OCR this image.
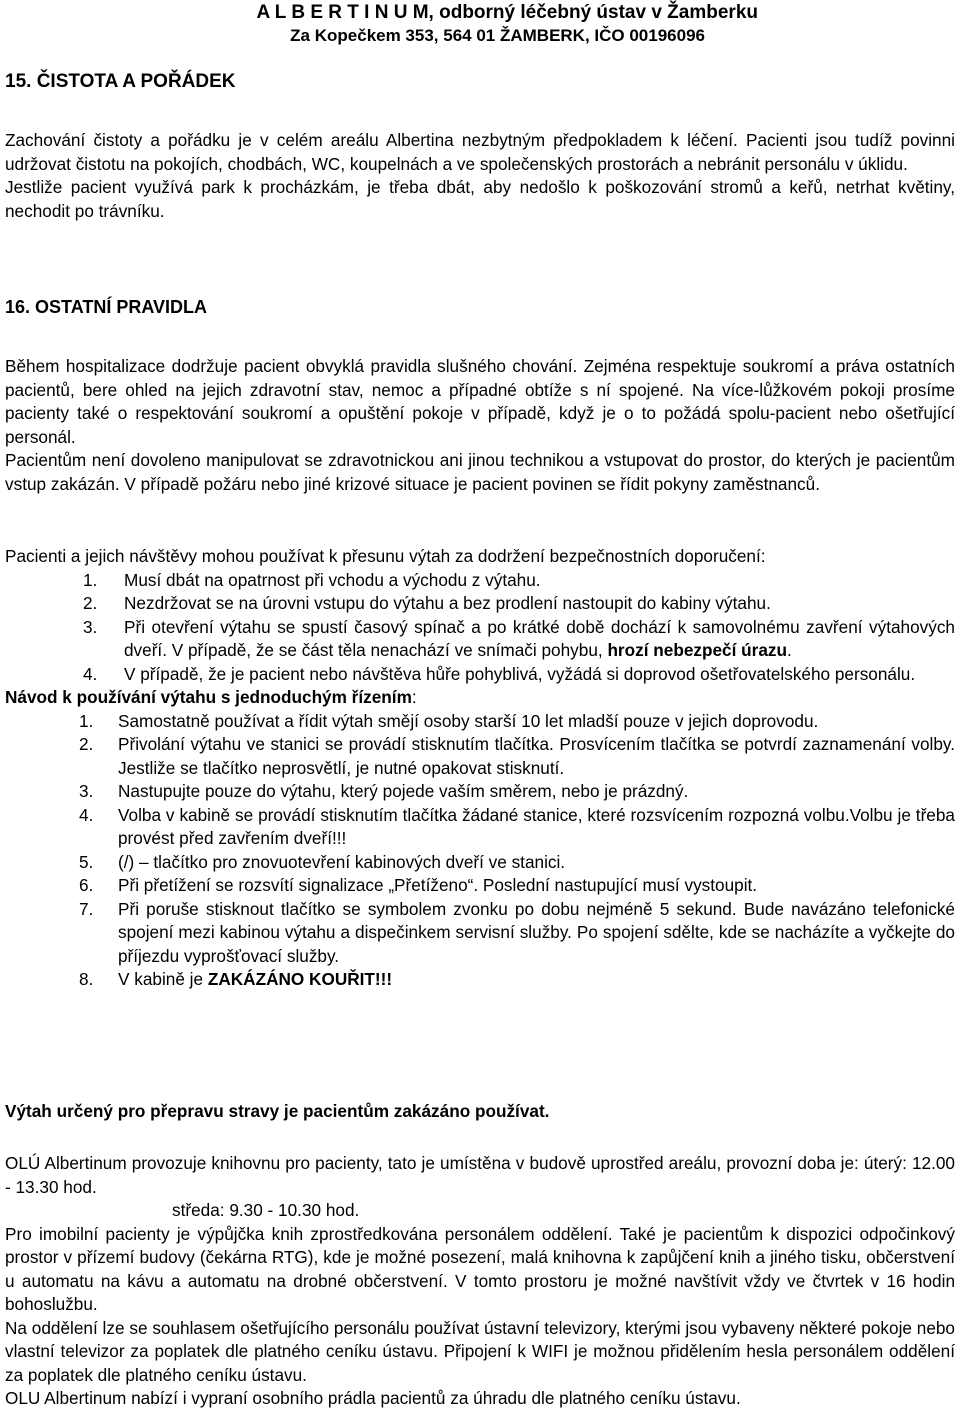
A L B E R T I N U M, odborný léčebný ústav v Žamberku
Za Kopečkem 353, 564 01 ŽAMBERK, IČO 00196096
15. ČISTOTA A POŘÁDEK

Zachování čistoty a pořádku je v celém areálu Albertina nezbytným předpokladem k léčení. Pacienti jsou tudíž povinni udržovat čistotu na pokojích, chodbách, WC, koupelnách a ve společenských prostorách a nebránit personálu v úklidu.

Jestliže pacient využívá park k procházkám, je třeba dbát, aby nedošlo k poškozování stromů a keřů, netrhat květiny, nechodit po trávníku.

16. OSTATNÍ PRAVIDLA

Během hospitalizace dodržuje pacient obvyklá pravidla slušného chování. Zejména respektuje soukromí a práva ostatních pacientů, bere ohled na jejich zdravotní stav, nemoc a případné obtíže s ní spojené. Na více-lůžkovém pokoji prosíme pacienty také o respektování soukromí a opuštění pokoje v případě, když je o to požádá spolu-pacient nebo ošetřující personál.

Pacientům není dovoleno manipulovat se zdravotnickou ani jinou technikou a vstupovat do prostor, do kterých je pacientům vstup zakázán. V případě požáru nebo jiné krizové situace je pacient povinen se řídit pokyny zaměstnanců.

Pacienti a jejich návštěvy mohou používat k přesunu výtah za dodržení bezpečnostních doporučení:

1. Musí dbát na opatrnost při vchodu a východu z výtahu.
2. Nezdržovat se na úrovni vstupu do výtahu a bez prodlení nastoupit do kabiny výtahu.
3. Při otevření výtahu se spustí časový spínač a po krátké době dochází k samovolnému zavření výtahových dveří. V případě, že se část těla nenachází ve snímači pohybu, hrozí nebezpečí úrazu.
4. V případě, že je pacient nebo návštěva hůře pohyblivá, vyžádá si doprovod ošetřovatelského personálu.

Návod k používání výtahu s jednoduchým řízením:

1. Samostatně používat a řídit výtah smějí osoby starší 10 let mladší pouze v jejich doprovodu.
2. Přivolání výtahu ve stanici se provádí stisknutím tlačítka. Prosvícením tlačítka se potvrdí zaznamenání volby. Jestliže se tlačítko neprosvětlí, je nutné opakovat stisknutí.
3. Nastupujte pouze do výtahu, který pojede vaším směrem, nebo je prázdný.
4. Volba v kabině se provádí stisknutím tlačítka žádané stanice, které rozsvícením rozpozná volbu.Volbu je třeba provést před zavřením dveří!!!
5. (/) – tlačítko pro znovuotevření kabinových dveří ve stanici.
6. Při přetížení se rozsvítí signalizace „Přetíženo“. Poslední nastupující musí vystoupit.
7. Při poruše stisknout tlačítko se symbolem zvonku po dobu nejméně 5 sekund. Bude navázáno telefonické spojení mezi kabinou výtahu a dispečinkem servisní služby. Po spojení sdělte, kde se nacházíte a vyčkejte do příjezdu vyprošťovací služby.
8. V kabině je ZAKÁZÁNO KOUŘIT!!!

Výtah určený pro přepravu stravy je pacientům zakázáno používat.

OLÚ Albertinum provozuje knihovnu pro pacienty, tato je umístěna v budově uprostřed areálu, provozní doba je: úterý: 12.00 - 13.30 hod.

středa: 9.30 - 10.30 hod.

Pro imobilní pacienty je výpůjčka knih zprostředkována personálem oddělení. Také je pacientům k dispozici odpočinkový prostor v přízemí budovy (čekárna RTG), kde je možné posezení, malá knihovna k zapůjčení knih a jiného tisku, občerstvení u automatu na kávu a automatu na drobné občerstvení. V tomto prostoru je možné navštívit vždy ve čtvrtek v 16 hodin bohoslužbu.

Na oddělení lze se souhlasem ošetřujícího personálu používat ústavní televizory, kterými jsou vybaveny některé pokoje nebo vlastní televizor za poplatek dle platného ceníku ústavu. Připojení k WIFI je možnou přidělením hesla personálem oddělení za poplatek dle platného ceníku ústavu.

OLU Albertinum nabízí i vypraní osobního prádla pacientů za úhradu dle platného ceníku ústavu.
